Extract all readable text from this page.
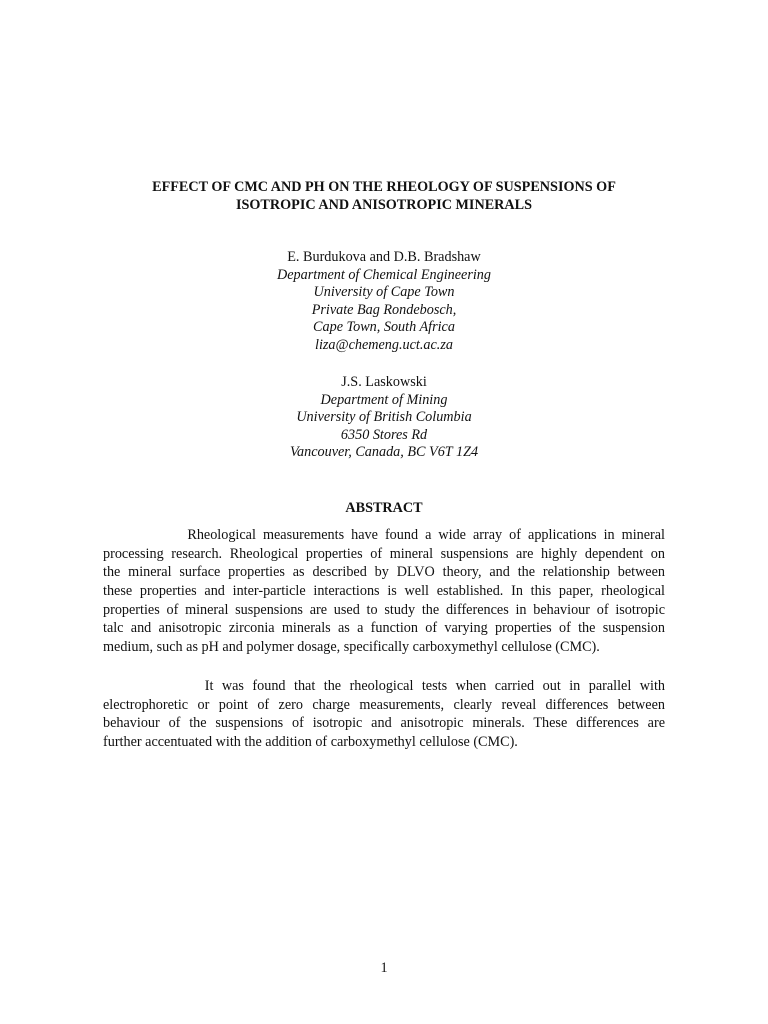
EFFECT OF CMC AND PH ON THE RHEOLOGY OF SUSPENSIONS OF
ISOTROPIC AND ANISOTROPIC MINERALS
E. Burdukova and D.B. Bradshaw
Department of Chemical Engineering
University of Cape Town
Private Bag Rondebosch,
Cape Town, South Africa
liza@chemeng.uct.ac.za
J.S. Laskowski
Department of Mining
University of British Columbia
6350 Stores Rd
Vancouver, Canada, BC V6T 1Z4
ABSTRACT
Rheological measurements have found a wide array of applications in mineral
processing research. Rheological properties of mineral suspensions are highly dependent on
the mineral surface properties as described by DLVO theory, and the relationship between
these properties and inter-particle interactions is well established. In this paper, rheological
properties of mineral suspensions are used to study the differences in behaviour of isotropic
talc and anisotropic zirconia minerals as a function of varying properties of the suspension
medium, such as pH and polymer dosage, specifically carboxymethyl cellulose (CMC).
It was found that the rheological tests when carried out in parallel with
electrophoretic or point of zero charge measurements, clearly reveal differences between
behaviour of the suspensions of isotropic and anisotropic minerals. These differences are
further accentuated with the addition of carboxymethyl cellulose (CMC).
1
